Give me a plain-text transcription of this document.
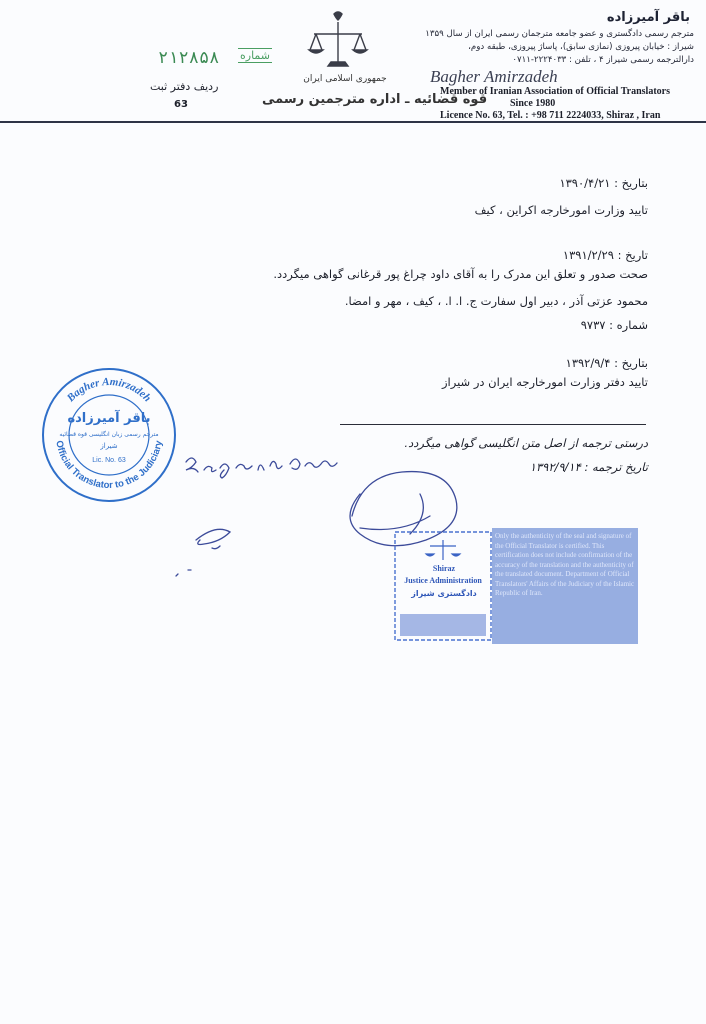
باقر آمیرزاده
مترجم رسمی دادگستری و عضو جامعه مترجمان رسمی ایران از سال ۱۳۵۹
شیراز : خیابان پیروزی (نمازی سابق)، پاساژ پیروزی، طبقه دوم،
دارالترجمه رسمی شیراز ۴ ، تلفن : ۲۲۲۴۰۳۳-۰۷۱۱
جمهوری اسلامی ایران
قوه قضائیه ـ اداره مترجمین رسمی
۲۱۲۸۵۸ شماره
ردیف دفتر ثبت
63
Bagher Amirzadeh
Member of Iranian Association of Official Translators
Since 1980
Licence No. 63, Tel. : +98 711 2224033, Shiraz , Iran
بتاریخ : ۱۳۹۰/۴/۲۱
تایید وزارت امورخارجه اکراین ، کیف
تاریخ : ۱۳۹۱/۲/۲۹
صحت صدور و تعلق این مدرک را به آقای داود چراغ پور قرغانی گواهی میگردد.
محمود عزتی آذر ، دبیر اول سفارت ج. ا. ا. ، کیف ، مهر و امضا.
شماره : ۹۷۳۷
بتاریخ : ۱۳۹۲/۹/۴
تایید دفتر وزارت امورخارجه ایران در شیراز
درستی ترجمه از اصل متن انگلیسی گواهی میگردد.
تاریخ ترجمه : ۱۳۹۲/۹/۱۴
Bagher Amirzadeh
Official Translator to the Judiciary
باقر آمیرزاده
مترجم رسمی زبان انگلیسی قوه قضائیه
شیراز
Lic. No. 63
Shiraz
Justice Administration
دادگستری شیراز
Only the authenticity of the seal and signature of the Official Translator is certified. This certification does not include confirmation of the accuracy of the translation and the authenticity of the translated document. Department of Official Translators' Affairs of the Judiciary of the Islamic Republic of Iran.
